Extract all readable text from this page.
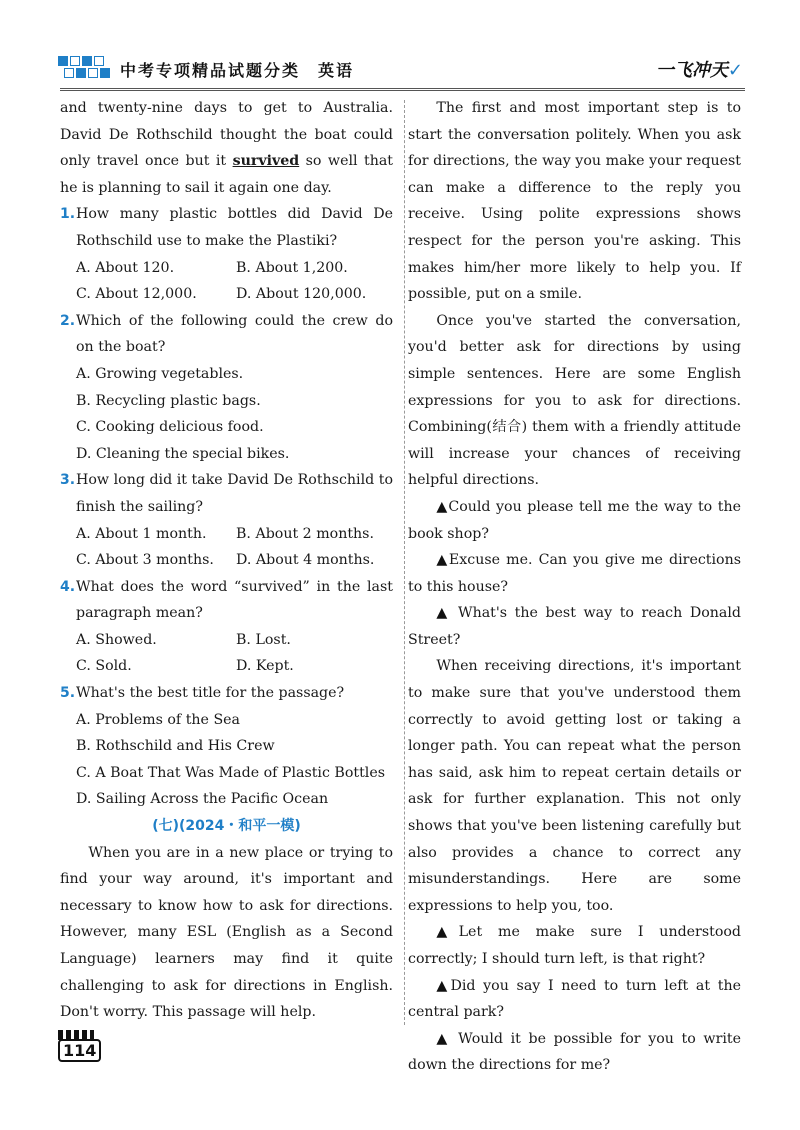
中考专项精品试题分类　英语	一飞冲天✓

and twenty-nine days to get to Australia. David De Rothschild thought the boat could only travel once but it survived so well that he is planning to sail it again one day.

1. How many plastic bottles did David De Rothschild use to make the Plastiki?
A. About 120.	B. About 1,200.
C. About 12,000.	D. About 120,000.
2. Which of the following could the crew do on the boat?
A. Growing vegetables.
B. Recycling plastic bags.
C. Cooking delicious food.
D. Cleaning the special bikes.
3. How long did it take David De Rothschild to finish the sailing?
A. About 1 month.	B. About 2 months.
C. About 3 months.	D. About 4 months.
4. What does the word “survived” in the last paragraph mean?
A. Showed.	B. Lost.
C. Sold.	D. Kept.
5. What's the best title for the passage?
A. Problems of the Sea
B. Rothschild and His Crew
C. A Boat That Was Made of Plastic Bottles
D. Sailing Across the Pacific Ocean
(七)(2024・和平一模)

When you are in a new place or trying to find your way around, it's important and necessary to know how to ask for directions. However, many ESL (English as a Second Language) learners may find it quite challenging to ask for directions in English. Don't worry. This passage will help.

The first and most important step is to start the conversation politely. When you ask for directions, the way you make your request can make a difference to the reply you receive. Using polite expressions shows respect for the person you're asking. This makes him/her more likely to help you. If possible, put on a smile.

Once you've started the conversation, you'd better ask for directions by using simple sentences. Here are some English expressions for you to ask for directions. Combining(结合) them with a friendly attitude will increase your chances of receiving helpful directions.

▲Could you please tell me the way to the book shop?

▲Excuse me. Can you give me directions to this house?

▲ What's the best way to reach Donald Street?

When receiving directions, it's important to make sure that you've understood them correctly to avoid getting lost or taking a longer path. You can repeat what the person has said, ask him to repeat certain details or ask for further explanation. This not only shows that you've been listening carefully but also provides a chance to correct any misunderstandings. Here are some expressions to help you, too.

▲Let me make sure I understood correctly; I should turn left, is that right?

▲Did you say I need to turn left at the central park?

▲ Would it be possible for you to write down the directions for me?

114
